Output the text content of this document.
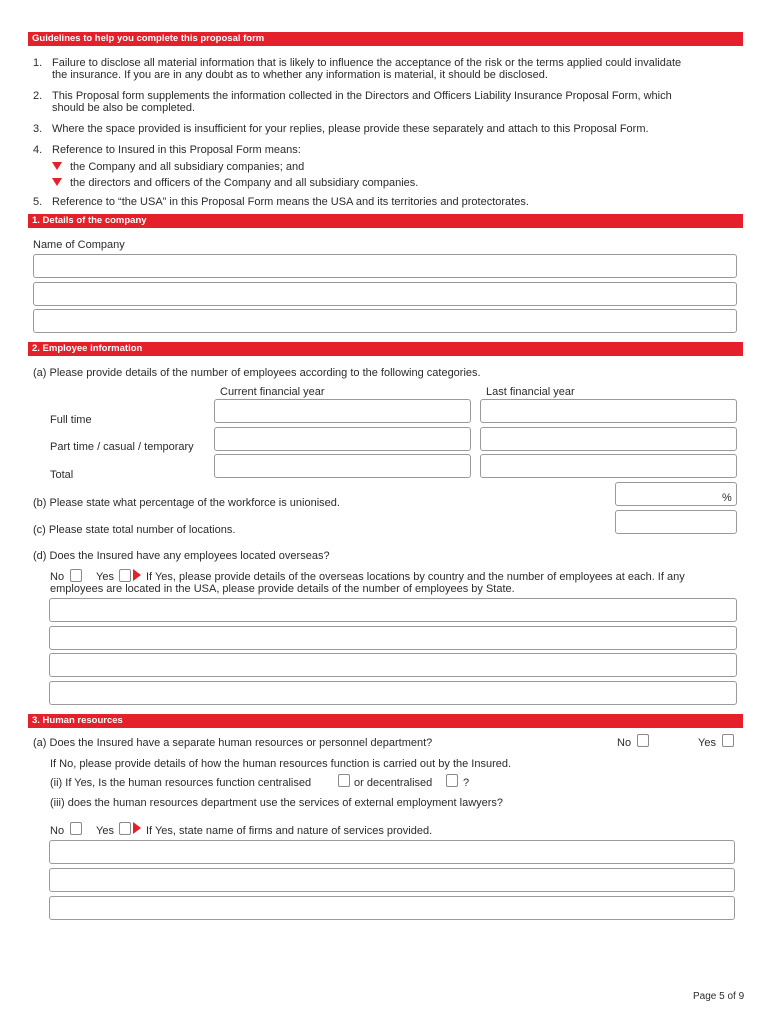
Guidelines to help you complete this proposal form
1. Failure to disclose all material information that is likely to influence the acceptance of the risk or the terms applied could invalidate
the insurance. If you are in any doubt as to whether any information is material, it should be disclosed.
2. This Proposal form supplements the information collected in the Directors and Officers Liability Insurance Proposal Form, which
should be also be completed.
3. Where the space provided is insufficient for your replies, please provide these separately and attach to this Proposal Form.
4. Reference to Insured in this Proposal Form means:
the Company and all subsidiary companies; and
the directors and officers of the Company and all subsidiary companies.
5. Reference to “the USA” in this Proposal Form means the USA and its territories and protectorates.
1. Details of the company
Name of Company
2. Employee information
(a) Please provide details of the number of employees according to the following categories.
Current financial year	Last financial year
Full time
Part time / casual / temporary
Total
(b) Please state what percentage of the workforce is unionised.	%
(c) Please state total number of locations.
(d) Does the Insured have any employees located overseas?
No	Yes	If Yes, please provide details of the overseas locations by country and the number of employees at each. If any
employees are located in the USA, please provide details of the number of employees by State.
3. Human resources
(a) Does the Insured have a separate human resources or personnel department?	No	Yes
If No, please provide details of how the human resources function is carried out by the Insured.
(ii) If Yes, Is the human resources function centralised	or decentralised	?
(iii) does the human resources department use the services of external employment lawyers?
No	Yes	If Yes, state name of firms and nature of services provided.
Page 5 of 9
